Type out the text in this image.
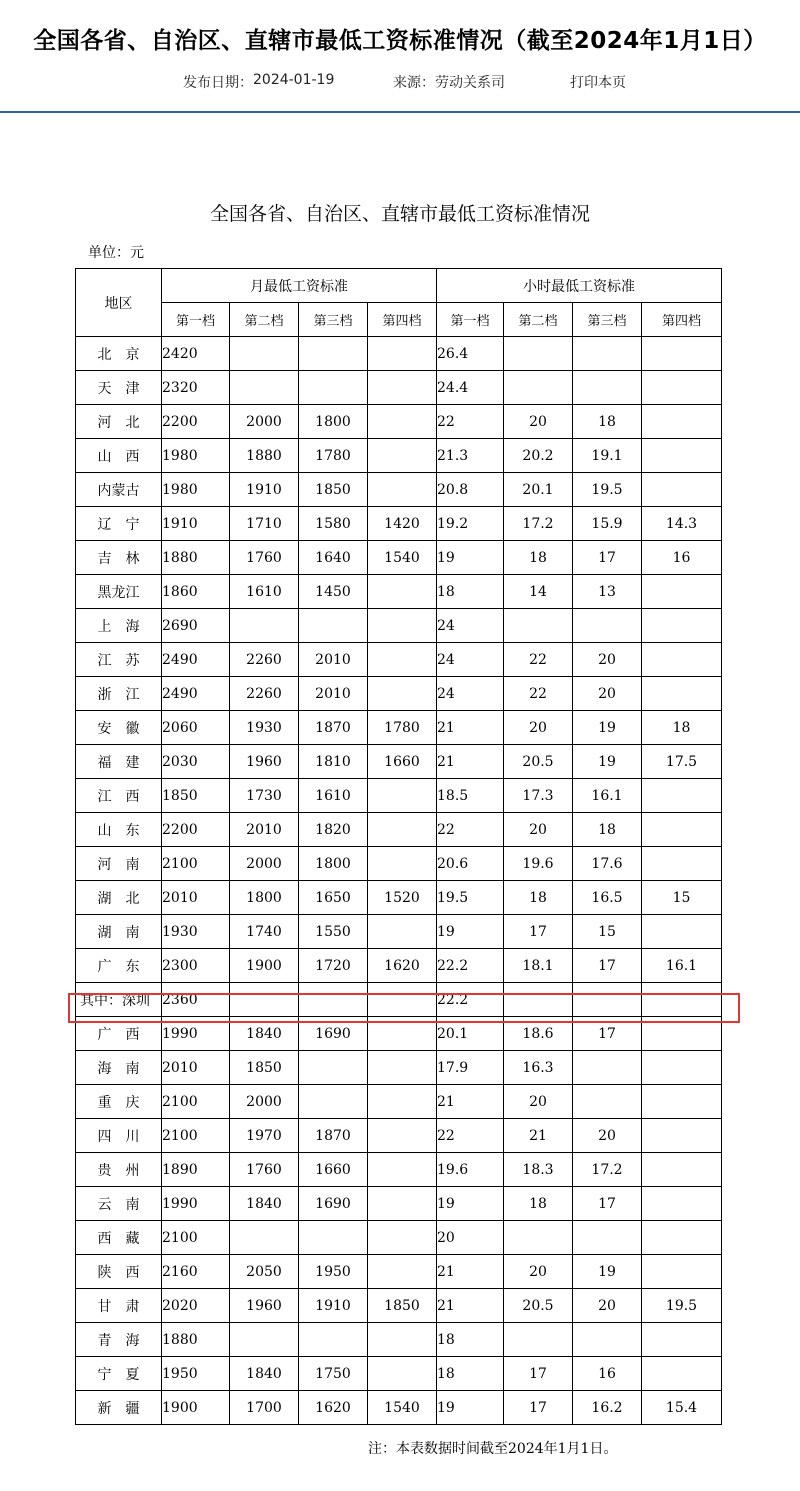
全国各省、自治区、直辖市最低工资标准情况（截至2024年1月1日）
发布日期： 2024-01-19	来源： 劳动关系司	打印本页
全国各省、自治区、直辖市最低工资标准情况
单位：元
地区	月最低工资标准				小时最低工资标准			
	第一档	第二档	第三档	第四档	第一档	第二档	第三档	第四档
北京	2420				26.4			
天津	2320				24.4			
河北	2200	2000	1800		22	20	18	
山西	1980	1880	1780		21.3	20.2	19.1	
内蒙古	1980	1910	1850		20.8	20.1	19.5	
辽宁	1910	1710	1580	1420	19.2	17.2	15.9	14.3
吉林	1880	1760	1640	1540	19	18	17	16
黑龙江	1860	1610	1450		18	14	13	
上海	2690				24			
江苏	2490	2260	2010		24	22	20	
浙江	2490	2260	2010		24	22	20	
安徽	2060	1930	1870	1780	21	20	19	18
福建	2030	1960	1810	1660	21	20.5	19	17.5
江西	1850	1730	1610		18.5	17.3	16.1	
山东	2200	2010	1820		22	20	18	
河南	2100	2000	1800		20.6	19.6	17.6	
湖北	2010	1800	1650	1520	19.5	18	16.5	15
湖南	1930	1740	1550		19	17	15	
广东	2300	1900	1720	1620	22.2	18.1	17	16.1
其中：深圳	2360				22.2			
广西	1990	1840	1690		20.1	18.6	17	
海南	2010	1850			17.9	16.3		
重庆	2100	2000			21	20		
四川	2100	1970	1870		22	21	20	
贵州	1890	1760	1660		19.6	18.3	17.2	
云南	1990	1840	1690		19	18	17	
西藏	2100				20			
陕西	2160	2050	1950		21	20	19	
甘肃	2020	1960	1910	1850	21	20.5	20	19.5
青海	1880				18			
宁夏	1950	1840	1750		18	17	16	
新疆	1900	1700	1620	1540	19	17	16.2	15.4
注：本表数据时间截至2024年1月1日。
